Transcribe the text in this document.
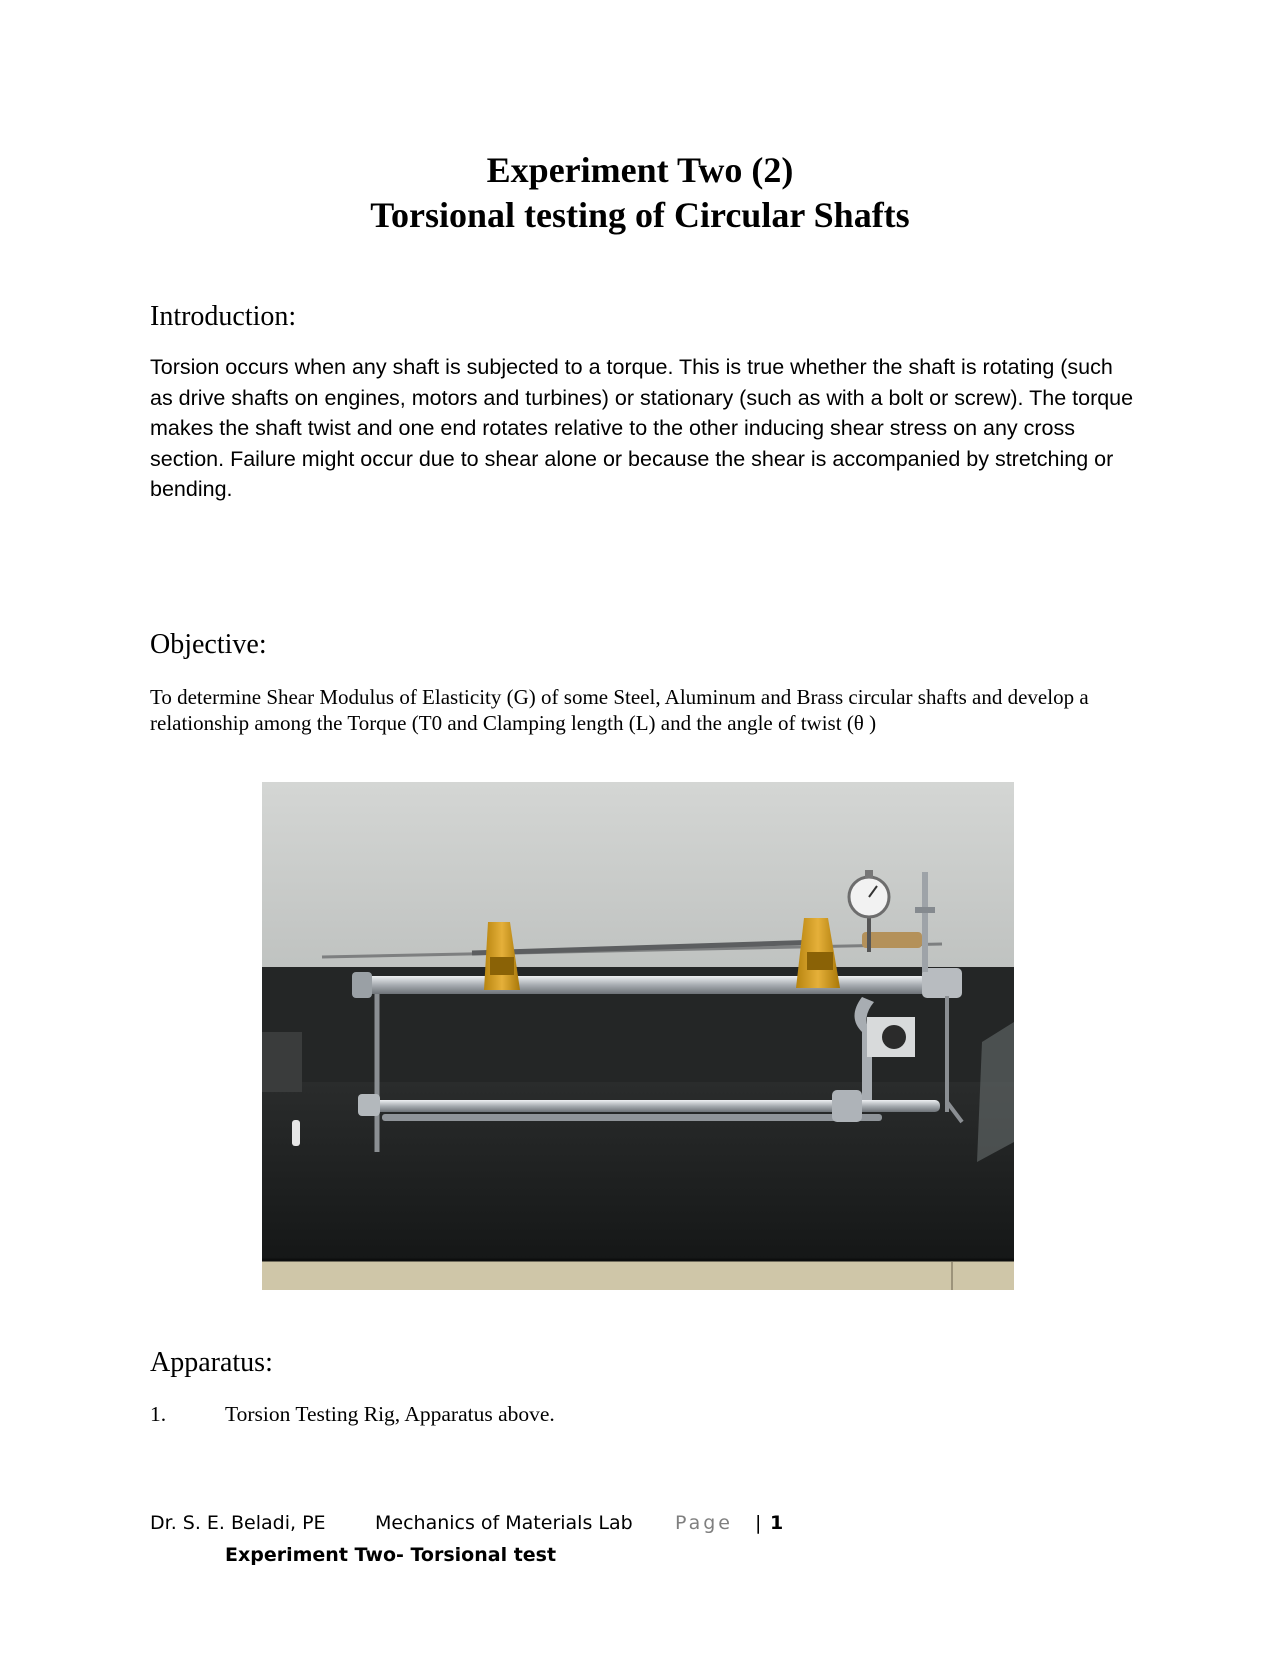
Experiment Two (2)
Torsional testing of Circular Shafts
Introduction:
Torsion occurs when any shaft is subjected to a torque. This is true whether the shaft is rotating (such as drive shafts on engines, motors and turbines) or stationary (such as with a bolt or screw). The torque makes the shaft twist and one end rotates relative to the other inducing shear stress on any cross section. Failure might occur due to shear alone or because the shear is accompanied by stretching or bending.
Objective:
To determine Shear Modulus of Elasticity (G) of some Steel, Aluminum and Brass circular shafts and develop a relationship among the Torque (T0 and Clamping length (L) and the angle of twist (θ )
Apparatus:
1.	Torsion Testing Rig, Apparatus above.
Dr. S. E. Beladi, PE	Mechanics of Materials Lab Page | 1
Experiment Two- Torsional test
